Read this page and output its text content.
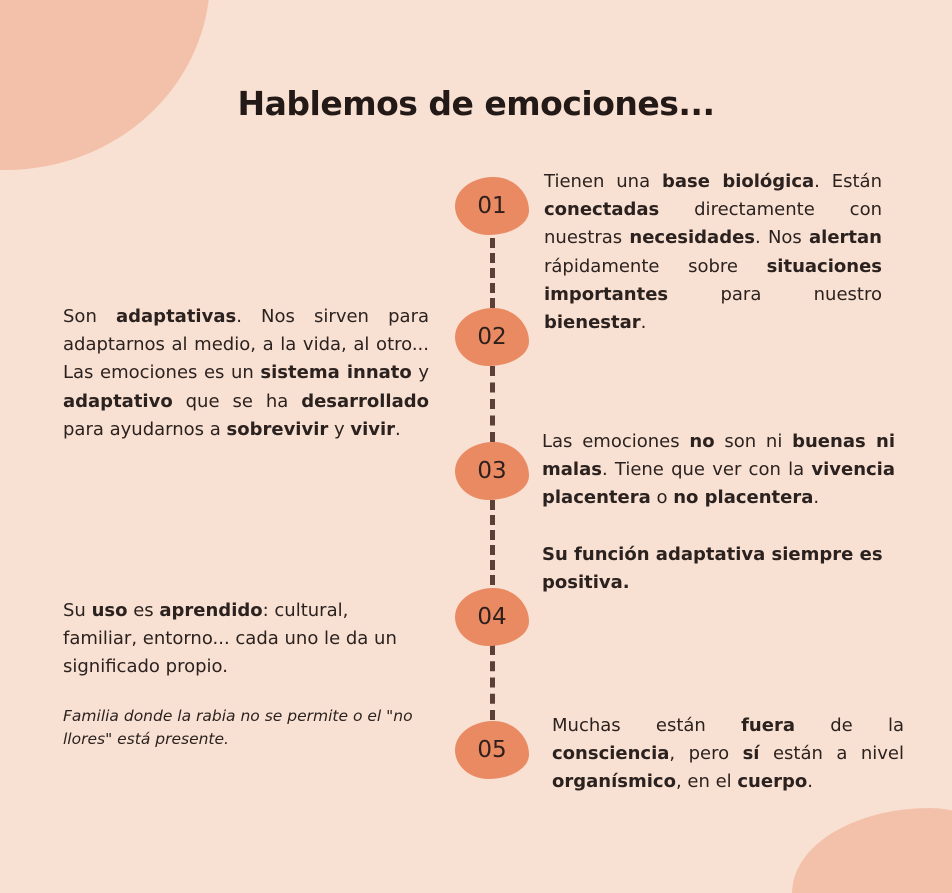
Hablemos de emociones...
01
02
03
04
05
Tienen una base biológica. Están conectadas directamente con nuestras necesidades. Nos alertan rápidamente sobre situaciones importantes para nuestro bienestar.
Son adaptativas. Nos sirven para adaptarnos al medio, a la vida, al otro... Las emociones es un sistema innato y adaptativo que se ha desarrollado para ayudarnos a sobrevivir y vivir.
Las emociones no son ni buenas ni malas. Tiene que ver con la vivencia placentera o no placentera.
Su función adaptativa siempre es positiva.
Su uso es aprendido: cultural, familiar, entorno... cada uno le da un significado propio.
Familia donde la rabia no se permite o el "no llores" está presente.
Muchas están fuera de la consciencia, pero sí están a nivel organísmico, en el cuerpo.
